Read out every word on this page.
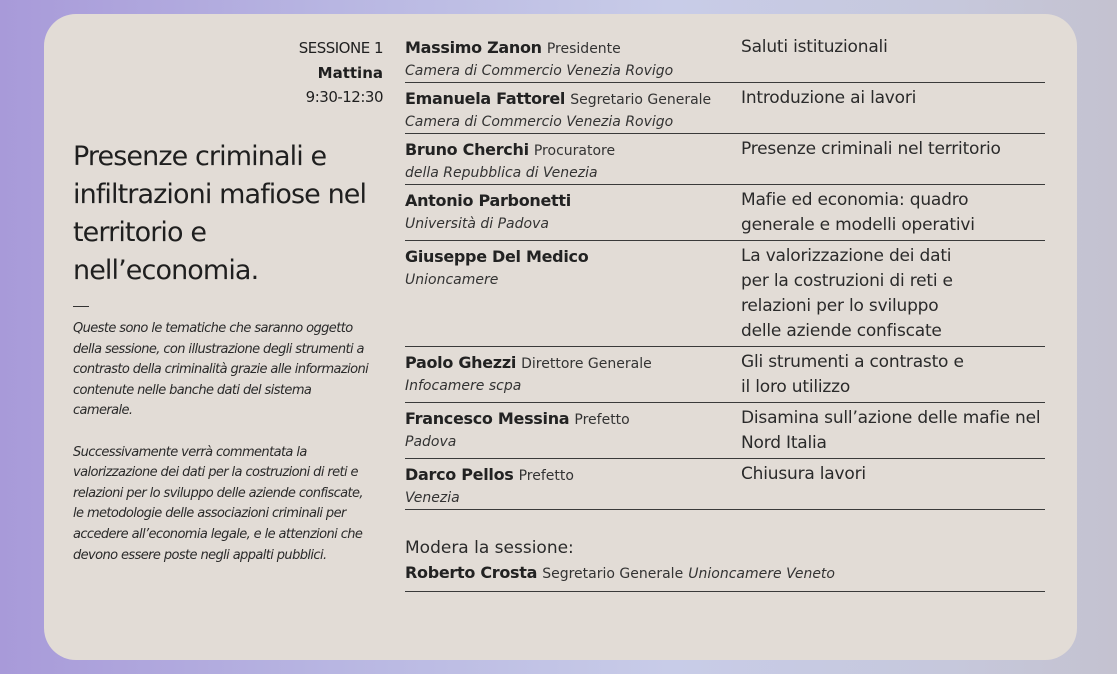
SESSIONE 1
Mattina
9:30-12:30
Presenze criminali e infiltrazioni mafiose nel territorio e nell’economia.

Queste sono le tematiche che saranno oggetto della sessione, con illustrazione degli strumenti a contrasto della criminalità grazie alle informazioni contenute nelle banche dati del sistema camerale.

Successivamente verrà commentata la valorizzazione dei dati per la costruzioni di reti e relazioni per lo sviluppo delle aziende confiscate, le metodologie delle associazioni criminali per accedere all’economia legale, e le attenzioni che devono essere poste negli appalti pubblici.

Massimo Zanon Presidente
Camera di Commercio Venezia Rovigo
Saluti istituzionali
Emanuela Fattorel Segretario Generale
Camera di Commercio Venezia Rovigo
Introduzione ai lavori
Bruno Cherchi Procuratore
della Repubblica di Venezia
Presenze criminali nel territorio
Antonio Parbonetti
Università di Padova
Mafie ed economia: quadro generale e modelli operativi
Giuseppe Del Medico
Unioncamere
La valorizzazione dei dati per la costruzioni di reti e relazioni per lo sviluppo delle aziende confiscate
Paolo Ghezzi Direttore Generale
Infocamere scpa
Gli strumenti a contrasto e il loro utilizzo
Francesco Messina Prefetto
Padova
Disamina sull’azione delle mafie nel Nord Italia
Darco Pellos Prefetto
Venezia
Chiusura lavori
Modera la sessione:
Roberto Crosta Segretario Generale Unioncamere Veneto
